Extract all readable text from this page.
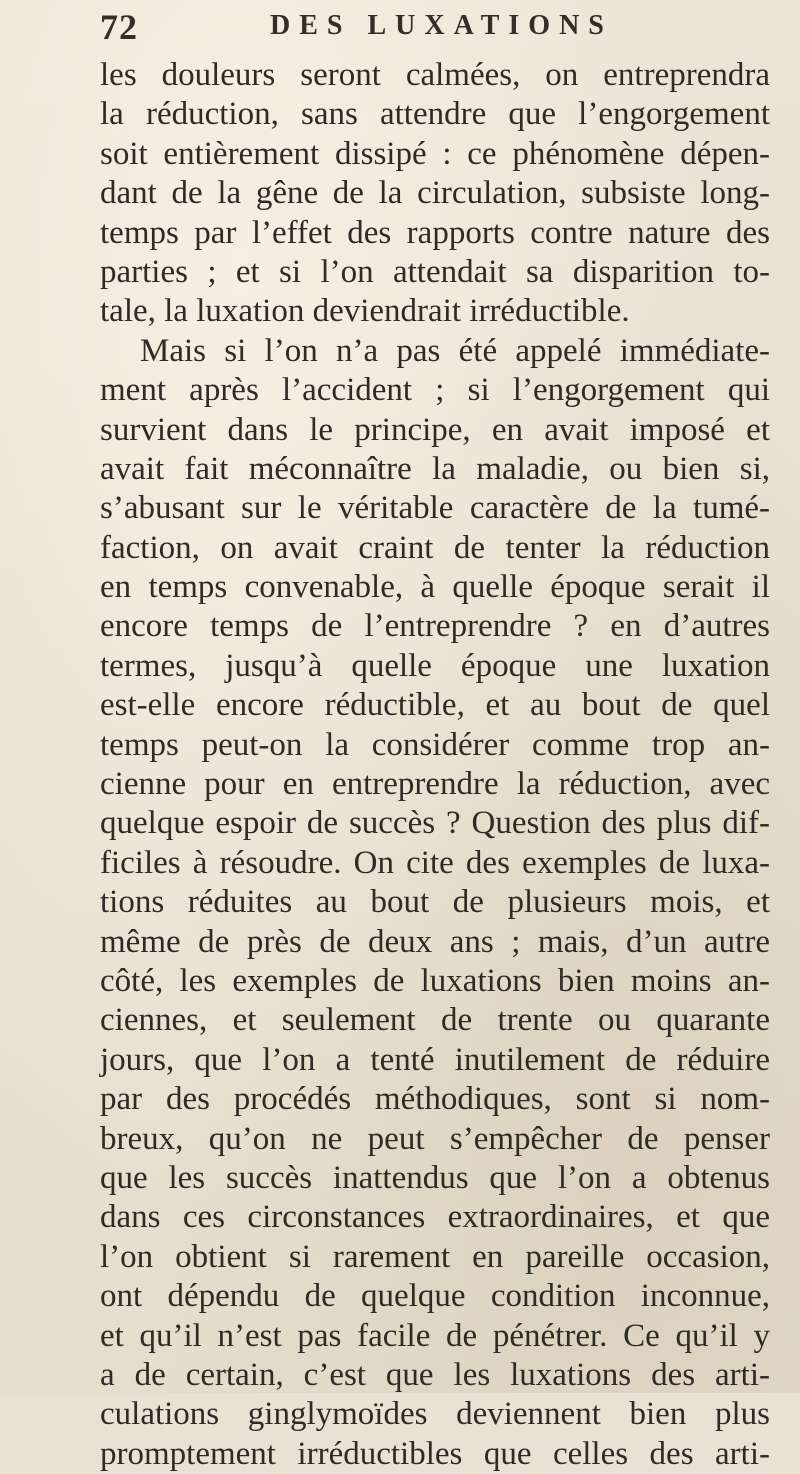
72	DES LUXATIONS
les douleurs seront calmées, on entreprendra
la réduction, sans attendre que l’engorgement
soit entièrement dissipé : ce phénomène dépen-
dant de la gêne de la circulation, subsiste long-
temps par l’effet des rapports contre nature des
parties ; et si l’on attendait sa disparition to-
tale, la luxation deviendrait irréductible.
Mais si l’on n’a pas été appelé immédiate-
ment après l’accident ; si l’engorgement qui
survient dans le principe, en avait imposé et
avait fait méconnaître la maladie, ou bien si,
s’abusant sur le véritable caractère de la tumé-
faction, on avait craint de tenter la réduction
en temps convenable, à quelle époque serait il
encore temps de l’entreprendre ? en d’autres
termes, jusqu’à quelle époque une luxation
est-elle encore réductible, et au bout de quel
temps peut-on la considérer comme trop an-
cienne pour en entreprendre la réduction, avec
quelque espoir de succès ? Question des plus dif-
ficiles à résoudre. On cite des exemples de luxa-
tions réduites au bout de plusieurs mois, et
même de près de deux ans ; mais, d’un autre
côté, les exemples de luxations bien moins an-
ciennes, et seulement de trente ou quarante
jours, que l’on a tenté inutilement de réduire
par des procédés méthodiques, sont si nom-
breux, qu’on ne peut s’empêcher de penser
que les succès inattendus que l’on a obtenus
dans ces circonstances extraordinaires, et que
l’on obtient si rarement en pareille occasion,
ont dépendu de quelque condition inconnue,
et qu’il n’est pas facile de pénétrer. Ce qu’il y
a de certain, c’est que les luxations des arti-
culations ginglymoïdes deviennent bien plus
promptement irréductibles que celles des arti-
